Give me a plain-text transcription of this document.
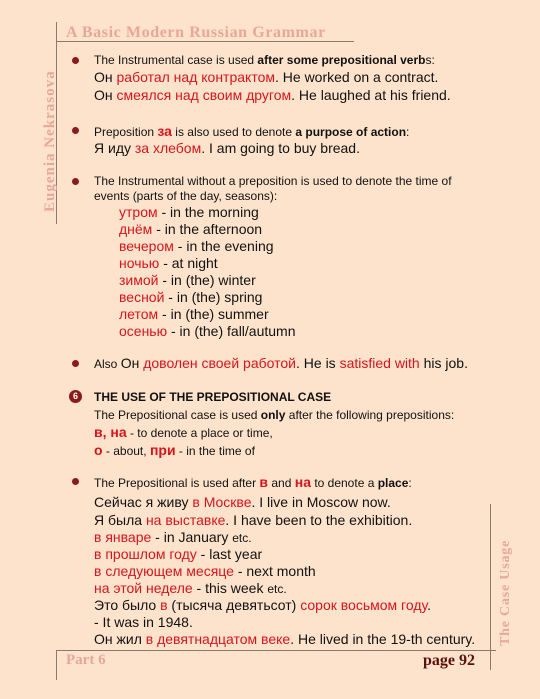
A Basic Modern Russian Grammar
Eugenia Nekrasova
The Case Usage
Part 6	page 92
The Instrumental case is used after some prepositional verbs:
Он работал над контрактом. He worked on a contract.
Он смеялся над своим другом. He laughed at his friend.
Preposition за is also used to denote a purpose of action:
Я иду за хлебом. I am going to buy bread.
The Instrumental without a preposition is used to denote the time of
events (parts of the day, seasons):
утром - in the morning
днём - in the afternoon
вечером - in the evening
ночью - at night
зимой - in (the) winter
весной - in (the) spring
летом - in (the) summer
осенью - in (the) fall/autumn
Also Он доволен своей работой. He is satisfied with his job.
6	THE USE OF THE PREPOSITIONAL CASE
The Prepositional case is used only after the following prepositions:
в, на - to denote a place or time,
о - about, при - in the time of
The Prepositional is used after в and на to denote a place:
Сейчас я живу в Москве. I live in Moscow now.
Я была на выставке. I have been to the exhibition.
в январе - in January etc.
в прошлом году - last year
в следующем месяце - next month
на этой неделе - this week etc.
Это было в (тысяча девятьсот) сорок восьмом году.
- It was in 1948.
Он жил в девятнадцатом веке. He lived in the 19-th century.
